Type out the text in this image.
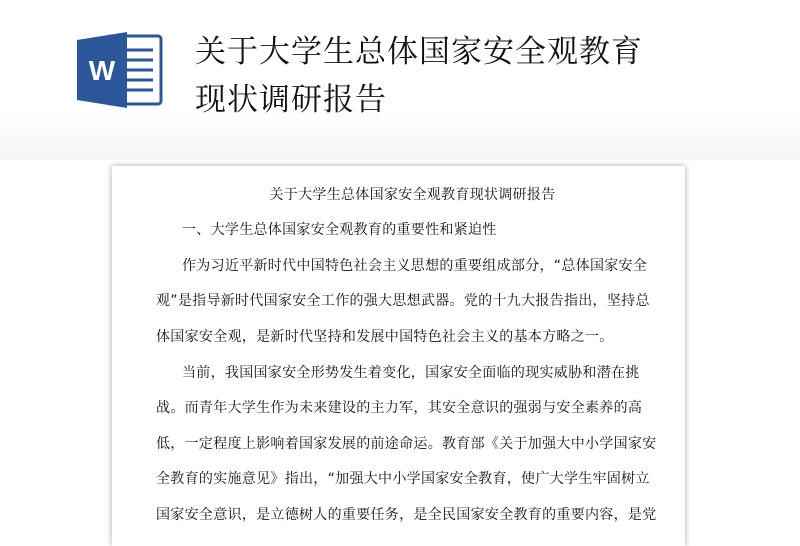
W
关于大学生总体国家安全观教育
现状调研报告
关于大学生总体国家安全观教育现状调研报告
一、大学生总体国家安全观教育的重要性和紧迫性
作为习近平新时代中国特色社会主义思想的重要组成部分，“总体国家安全
观”是指导新时代国家安全工作的强大思想武器。党的十九大报告指出，坚持总
体国家安全观，是新时代坚持和发展中国特色社会主义的基本方略之一。
当前，我国国家安全形势发生着变化，国家安全面临的现实威胁和潜在挑
战。而青年大学生作为未来建设的主力军，其安全意识的强弱与安全素养的高
低，一定程度上影响着国家发展的前途命运。教育部《关于加强大中小学国家安
全教育的实施意见》指出，“加强大中小学国家安全教育，使广大学生牢固树立
国家安全意识，是立德树人的重要任务，是全民国家安全教育的重要内容，是党
